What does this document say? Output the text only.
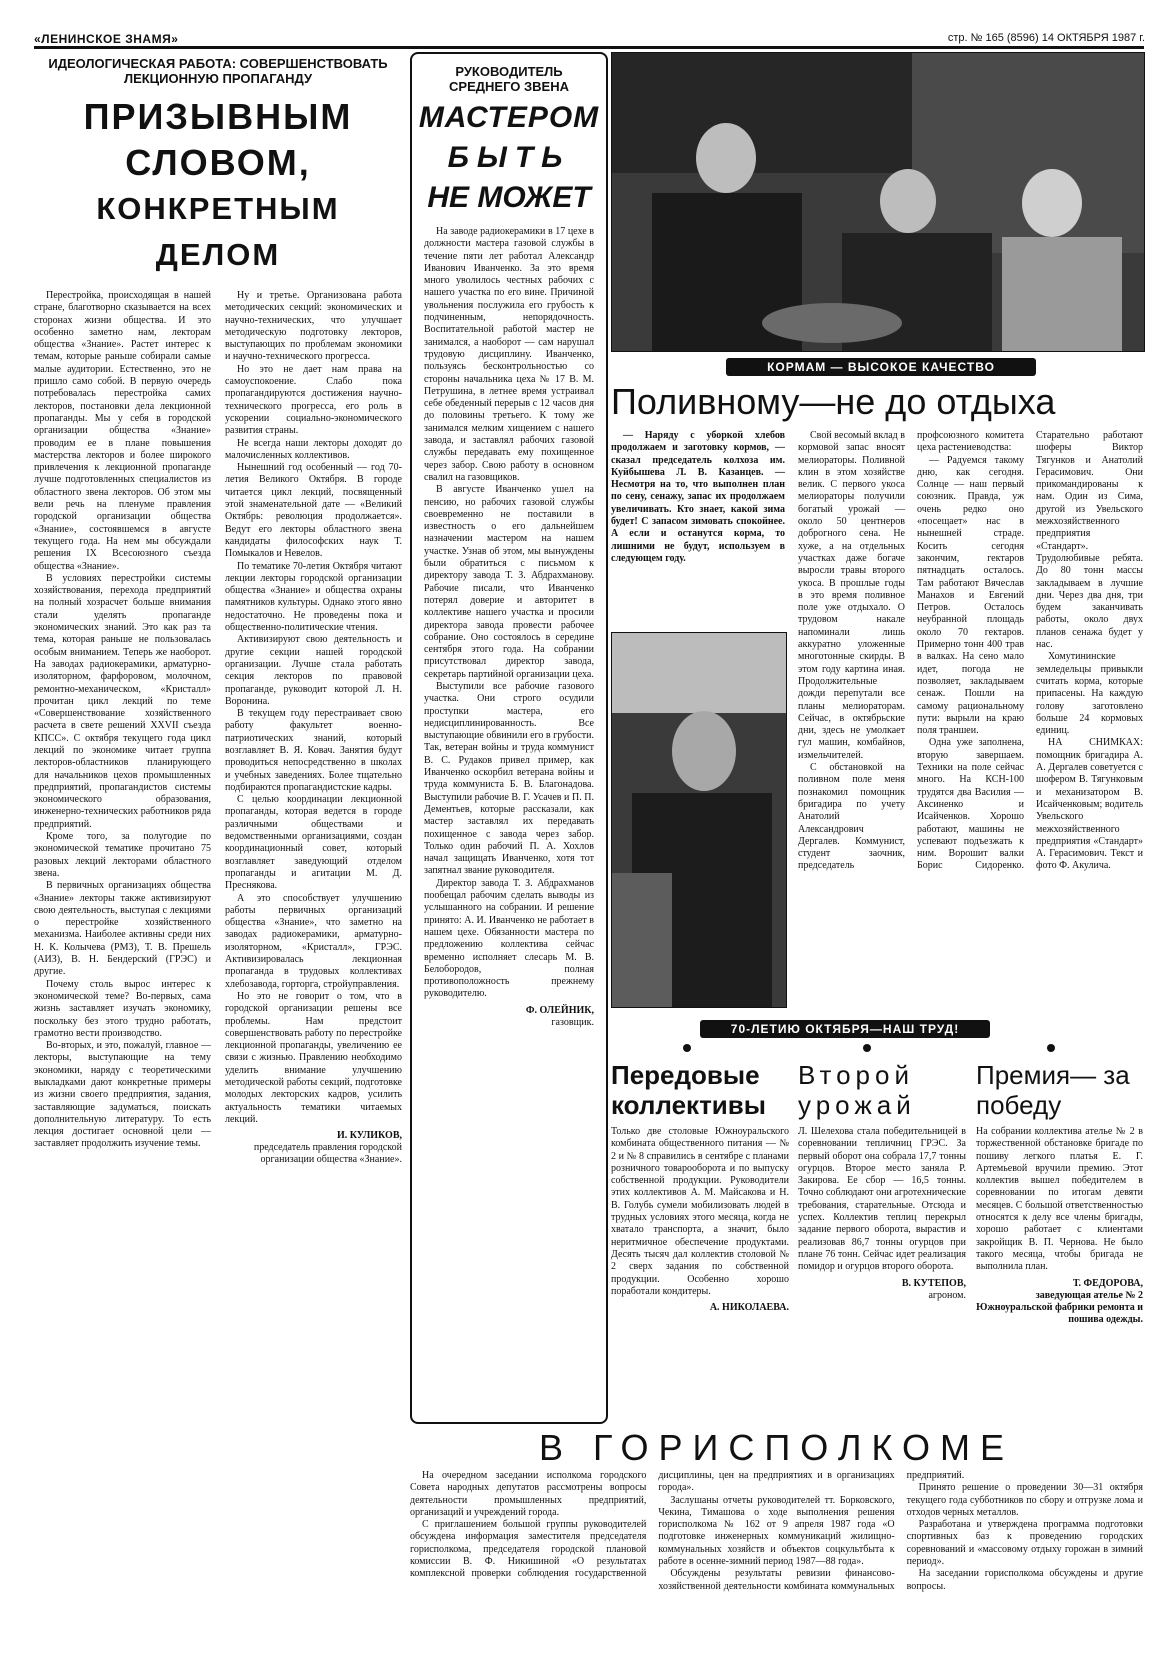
«ЛЕНИНСКОЕ ЗНАМЯ»	стр. № 165 (8596) 14 ОКТЯБРЯ 1987 г.
ИДЕОЛОГИЧЕСКАЯ РАБОТА: СОВЕРШЕНСТВОВАТЬ ЛЕКЦИОННУЮ ПРОПАГАНДУ
ПРИЗЫВНЫМ
СЛОВОМ,
КОНКРЕТНЫМ ДЕЛОМ

Перестройка, происходящая в нашей стране, благотворно сказывается на всех сторонах жизни общества. И это особенно заметно нам, лекторам общества «Знание». Растет интерес к темам, которые раньше собирали самые малые аудитории. Естественно, это не пришло само собой. В первую очередь потребовалась перестройка самих лекторов, постановки дела лекционной пропаганды. Мы у себя в городской организации общества «Знание» проводим ее в плане повышения мастерства лекторов и более широкого привлечения к лекционной пропаганде лучше подготовленных специалистов из областного звена лекторов. Об этом мы вели речь на пленуме правления городской организации общества «Знание», состоявшемся в августе текущего года. На нем мы обсуждали решения IX Всесоюзного съезда общества «Знание».

В условиях перестройки системы хозяйствования, перехода предприятий на полный хозрасчет больше внимания стали уделять пропаганде экономических знаний. Это как раз та тема, которая раньше не пользовалась особым вниманием. Теперь же наоборот. На заводах радиокерамики, арматурно-изоляторном, фарфоровом, молочном, ремонтно-механическом, «Кристалл» прочитан цикл лекций по теме «Совершенствование хозяйственного расчета в свете решений XXVII съезда КПСС». С октября текущего года цикл лекций по экономике читает группа лекторов-областников планирующего для начальников цехов промышленных предприятий, пропагандистов системы экономического образования, инженерно-технических работников ряда предприятий.

Кроме того, за полугодие по экономической тематике прочитано 75 разовых лекций лекторами областного звена.

В первичных организациях общества «Знание» лекторы также активизируют свою деятельность, выступая с лекциями о перестройке хозяйственного механизма. Наиболее активны среди них Н. К. Колычева (РМЗ), Т. В. Прешель (АИЗ), В. Н. Бендерский (ГРЭС) и другие.

Почему столь вырос интерес к экономической теме? Во-первых, сама жизнь заставляет изучать экономику, поскольку без этого трудно работать, грамотно вести производство.

Во-вторых, и это, пожалуй, главное — лекторы, выступающие на тему экономики, наряду с теоретическими выкладками дают конкретные примеры из жизни своего предприятия, задания, заставляющие задуматься, поискать дополнительную литературу. То есть лекция достигает основной цели — заставляет продолжить изучение темы.

Ну и третье. Организована работа методических секций: экономических и научно-технических, что улучшает методическую подготовку лекторов, выступающих по проблемам экономики и научно-технического прогресса.

Но это не дает нам права на самоуспокоение. Слабо пока пропагандируются достижения научно-технического прогресса, его роль в ускорении социально-экономического развития страны.

Не всегда наши лекторы доходят до малочисленных коллективов.

Нынешний год особенный — год 70-летия Великого Октября. В городе читается цикл лекций, посвященный этой знаменательной дате — «Великий Октябрь: революция продолжается». Ведут его лекторы областного звена кандидаты философских наук Т. Помыкалов и Невелов.

По тематике 70-летия Октября читают лекции лекторы городской организации общества «Знание» и общества охраны памятников культуры. Однако этого явно недостаточно. Не проведены пока и общественно-политические чтения.

Активизируют свою деятельность и другие секции нашей городской организации. Лучше стала работать секция лекторов по правовой пропаганде, руководит которой Л. Н. Воронина.

В текущем году перестраивает свою работу факультет военно-патриотических знаний, который возглавляет В. Я. Ковач. Занятия будут проводиться непосредственно в школах и учебных заведениях. Более тщательно подбираются пропагандистские кадры.

С целью координации лекционной пропаганды, которая ведется в городе различными обществами и ведомственными организациями, создан координационный совет, который возглавляет заведующий отделом пропаганды и агитации М. Д. Преснякова.

А это способствует улучшению работы первичных организаций общества «Знание», что заметно на заводах радиокерамики, арматурно-изоляторном, «Кристалл», ГРЭС. Активизировалась лекционная пропаганда в трудовых коллективах хлебозавода, горторга, стройуправления.

Но это не говорит о том, что в городской организации решены все проблемы. Нам предстоит совершенствовать работу по перестройке лекционной пропаганды, увеличению ее связи с жизнью. Правлению необходимо уделить внимание улучшению методической работы секций, подготовке молодых лекторских кадров, усилить актуальность тематики читаемых лекций.

И. КУЛИКОВ,
председатель правления городской организации общества «Знание».
РУКОВОДИТЕЛЬ СРЕДНЕГО ЗВЕНА
МАСТЕРОМ
БЫТЬ
НЕ МОЖЕТ

На заводе радиокерамики в 17 цехе в должности мастера газовой службы в течение пяти лет работал Александр Иванович Иванченко. За это время много уволилось честных рабочих с нашего участка по его вине. Причиной увольнения послужила его грубость к подчиненным, непорядочность. Воспитательной работой мастер не занимался, а наоборот — сам нарушал трудовую дисциплину. Иванченко, пользуясь бесконтрольностью со стороны начальника цеха № 17 В. М. Петрушина, в летнее время устраивал себе обеденный перерыв с 12 часов дня до половины третьего. К тому же занимался мелким хищением с нашего завода, и заставлял рабочих газовой службы передавать ему похищенное через забор. Свою работу в основном свалил на газовщиков.

В августе Иванченко ушел на пенсию, но рабочих газовой службы своевременно не поставили в известность о его дальнейшем назначении мастером на нашем участке. Узнав об этом, мы вынуждены были обратиться с письмом к директору завода Т. З. Абдрахманову. Рабочие писали, что Иванченко потерял доверие и авторитет в коллективе нашего участка и просили директора завода провести рабочее собрание. Оно состоялось в середине сентября этого года. На собрании присутствовал директор завода, секретарь партийной организации цеха.

Выступили все рабочие газового участка. Они строго осудили проступки мастера, его недисциплинированность. Все выступающие обвинили его в грубости. Так, ветеран войны и труда коммунист В. С. Рудаков привел пример, как Иванченко оскорбил ветерана войны и труда коммуниста Б. В. Благонадова. Выступили рабочие В. Г. Усачев и П. П. Дементьев, которые рассказали, как мастер заставлял их передавать похищенное с завода через забор. Только один рабочий П. А. Хохлов начал защищать Иванченко, хотя тот запятнал звание руководителя.

Директор завода Т. З. Абдрахманов пообещал рабочим сделать выводы из услышанного на собрании. И решение принято: А. И. Иванченко не работает в нашем цехе. Обязанности мастера по предложению коллектива сейчас временно исполняет слесарь М. В. Белобородов, полная противоположность прежнему руководителю.

Ф. ОЛЕЙНИК,
газовщик.
КОРМАМ — ВЫСОКОЕ КАЧЕСТВО
Поливному—не до отдыха

— Наряду с уборкой хлебов продолжаем и заготовку кормов, — сказал председатель колхоза им. Куйбышева Л. В. Казанцев. — Несмотря на то, что выполнен план по сену, сенажу, запас их продолжаем увеличивать. Кто знает, какой зима будет! С запасом зимовать спокойнее. А если и останутся корма, то лишними не будут, используем в следующем году.

Свой весомый вклад в кормовой запас вносят мелиораторы. Поливной клин в этом хозяйстве велик. С первого укоса мелиораторы получили богатый урожай — около 50 центнеров доброгного сена. Не хуже, а на отдельных участках даже богаче выросли травы второго укоса. В прошлые годы в это время поливное поле уже отдыхало. О трудовом накале напоминали лишь аккуратно уложенные многотонные скирды. В этом году картина иная. Продолжительные дожди перепутали все планы мелиораторам. Сейчас, в октябрьские дни, здесь не умолкает гул машин, комбайнов, измельчителей.

С обстановкой на поливном поле меня познакомил помощник бригадира по учету Анатолий Александрович Дергалев. Коммунист, студент заочник, председатель профсоюзного комитета цеха растениеводства:

— Радуемся такому дню, как сегодня. Солнце — наш первый союзник. Правда, уж очень редко оно «посещает» нас в нынешней страде. Косить сегодня закончим, гектаров пятнадцать осталось. Там работают Вячеслав Манахов и Евгений Петров. Осталось неубранной площадь около 70 гектаров. Примерно тонн 400 трав в валках. На сено мало идет, погода не позволяет, закладываем сенаж. Пошли на самому рациональному пути: вырыли на краю поля траншеи.

Одна уже заполнена, вторую завершаем. Техники на поле сейчас много. На КСН-100 трудятся два Василия — Аксиненко и Исайченков. Хорошо работают, машины не успевают подъезжать к ним. Ворошит валки Борис Сидоренко. Старательно работают шоферы Виктор Тягунков и Анатолий Герасимович. Они прикомандированы к нам. Один из Сима, другой из Увельского межхозяйственного предприятия «Стандарт». Трудолюбивые ребята. До 80 тонн массы закладываем в лучшие дни. Через два дня, три будем заканчивать работы, около двух планов сенажа будет у нас.

Хомутининские земледельцы привыкли считать корма, которые припасены. На каждую голову заготовлено больше 24 кормовых единиц.

НА СНИМКАХ: помощник бригадира А. А. Дергалев советуется с шофером В. Тягунковым и механизатором В. Исайченковым; водитель Увельского межхозяйственного предприятия «Стандарт» А. Герасимович. Текст и фото Ф. Акулича.

70-ЛЕТИЮ ОКТЯБРЯ—НАШ ТРУД!
Передовые коллективы
Только две столовые Южноуральского комбината общественного питания — № 2 и № 8 справились в сентябре с планами розничного товарооборота и по выпуску собственной продукции. Руководители этих коллективов А. М. Майсакова и Н. В. Голубь сумели мобилизовать людей в трудных условиях этого месяца, когда не хватало транспорта, а значит, было неритмичное обеспечение продуктами. Десять тысяч дал коллектив столовой № 2 сверх задания по собственной продукции. Особенно хорошо поработали кондитеры.
А. НИКОЛАЕВА.
Второй урожай
Л. Шелехова стала победительницей в соревновании тепличниц ГРЭС. За первый оборот она собрала 17,7 тонны огурцов. Второе место заняла Р. Закирова. Ее сбор — 16,5 тонны. Точно соблюдают они агротехнические требования, старательные. Отсюда и успех. Коллектив теплиц перекрыл задание первого оборота, вырастив и реализовав 86,7 тонны огурцов при плане 76 тонн. Сейчас идет реализация помидор и огурцов второго оборота.
В. КУТЕПОВ,
агроном.
Премия— за победу
На собрании коллектива ателье № 2 в торжественной обстановке бригаде по пошиву легкого платья Е. Г. Артемьевой вручили премию. Этот коллектив вышел победителем в соревновании по итогам девяти месяцев. С большой ответственностью относятся к делу все члены бригады, хорошо работает с клиентами закройщик В. П. Чернова. Не было такого месяца, чтобы бригада не выполнила план.
Т. ФЕДОРОВА,
заведующая ателье № 2 Южноуральской фабрики ремонта и пошива одежды.
В ГОРИСПОЛКОМЕ

На очередном заседании исполкома городского Совета народных депутатов рассмотрены вопросы деятельности промышленных предприятий, организаций и учреждений города.

С приглашением большой группы руководителей обсуждена информация заместителя председателя горисполкома, председателя городской плановой комиссии В. Ф. Никишиной «О результатах комплексной проверки соблюдения государственной дисциплины, цен на предприятиях и в организациях города».

Заслушаны отчеты руководителей тт. Борковского, Чекина, Тимашова о ходе выполнения решения горисполкома № 162 от 9 апреля 1987 года «О подготовке инженерных коммуникаций жилищно-коммунальных хозяйств и объектов соцкультбыта к работе в осенне-зимний период 1987—88 года».

Обсуждены результаты ревизии финансово-хозяйственной деятельности комбината коммунальных предприятий.

Принято решение о проведении 30—31 октября текущего года субботников по сбору и отгрузке лома и отходов черных металлов.

Разработана и утверждена программа подготовки спортивных баз к проведению городских соревнований и «массовому отдыху горожан в зимний период».

На заседании горисполкома обсуждены и другие вопросы.
